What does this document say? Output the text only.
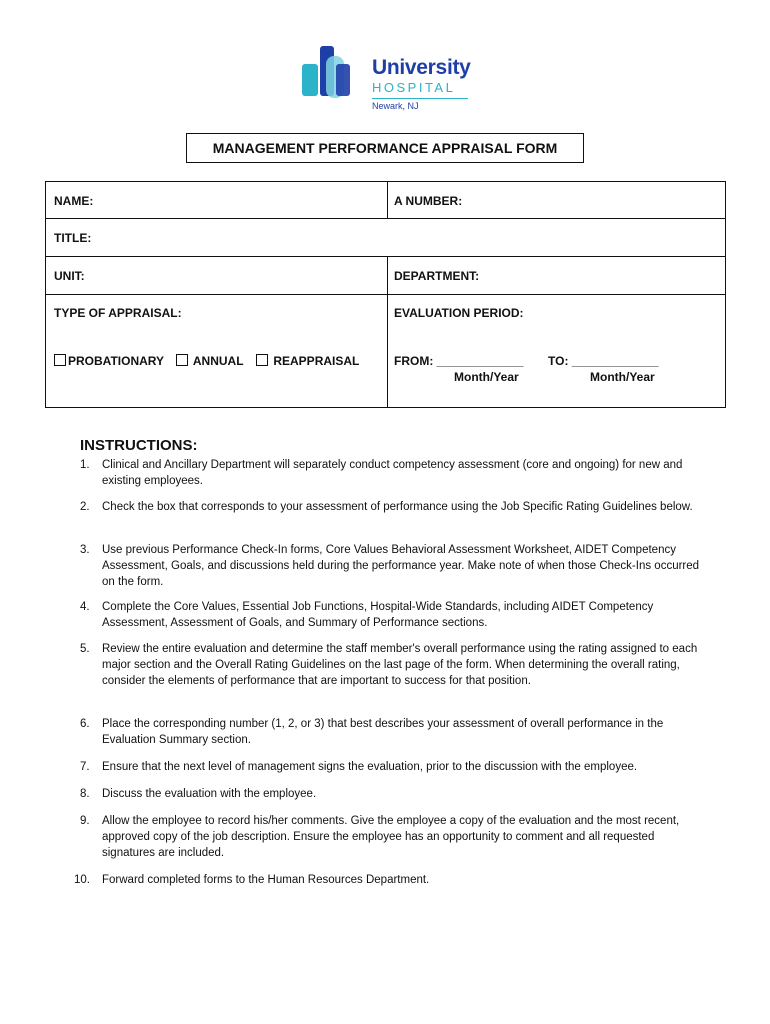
University
HOSPITAL
Newark, NJ
MANAGEMENT PERFORMANCE APPRAISAL FORM
NAME:	A NUMBER:
TITLE:
UNIT:	DEPARTMENT:
TYPE OF APPRAISAL:	EVALUATION PERIOD:
PROBATIONARY	ANNUAL	REAPPRAISAL	FROM: _____________ TO: _____________
Month/Year	Month/Year
INSTRUCTIONS:
1.	Clinical and Ancillary Department will separately conduct competency assessment (core and ongoing) for new and existing employees.
2.	Check the box that corresponds to your assessment of performance using the Job Specific Rating Guidelines below.
3.	Use previous Performance Check-In forms, Core Values Behavioral Assessment Worksheet, AIDET Competency Assessment, Goals, and discussions held during the performance year. Make note of when those Check-Ins occurred on the form.
4.	Complete the Core Values, Essential Job Functions, Hospital-Wide Standards, including AIDET Competency Assessment, Assessment of Goals, and Summary of Performance sections.
5.	Review the entire evaluation and determine the staff member's overall performance using the rating assigned to each major section and the Overall Rating Guidelines on the last page of the form. When determining the overall rating, consider the elements of performance that are important to success for that position.
6.	Place the corresponding number (1, 2, or 3) that best describes your assessment of overall performance in the Evaluation Summary section.
7.	Ensure that the next level of management signs the evaluation, prior to the discussion with the employee.
8.	Discuss the evaluation with the employee.
9.	Allow the employee to record his/her comments. Give the employee a copy of the evaluation and the most recent, approved copy of the job description. Ensure the employee has an opportunity to comment and all requested signatures are included.
10.	Forward completed forms to the Human Resources Department.
